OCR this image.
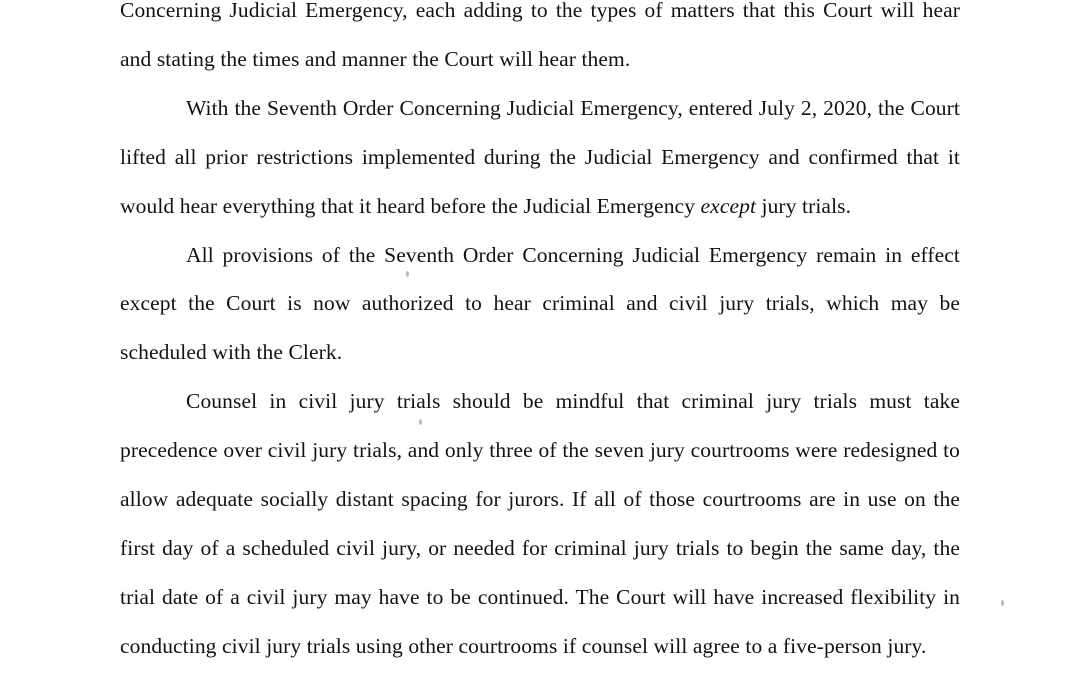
Concerning Judicial Emergency, each adding to the types of matters that this Court will hear and stating the times and manner the Court will hear them.

With the Seventh Order Concerning Judicial Emergency, entered July 2, 2020, the Court lifted all prior restrictions implemented during the Judicial Emergency and confirmed that it would hear everything that it heard before the Judicial Emergency except jury trials.

All provisions of the Seventh Order Concerning Judicial Emergency remain in effect except the Court is now authorized to hear criminal and civil jury trials, which may be scheduled with the Clerk.

Counsel in civil jury trials should be mindful that criminal jury trials must take precedence over civil jury trials, and only three of the seven jury courtrooms were redesigned to allow adequate socially distant spacing for jurors. If all of those courtrooms are in use on the first day of a scheduled civil jury, or needed for criminal jury trials to begin the same day, the trial date of a civil jury may have to be continued. The Court will have increased flexibility in conducting civil jury trials using other courtrooms if counsel will agree to a five-person jury.
